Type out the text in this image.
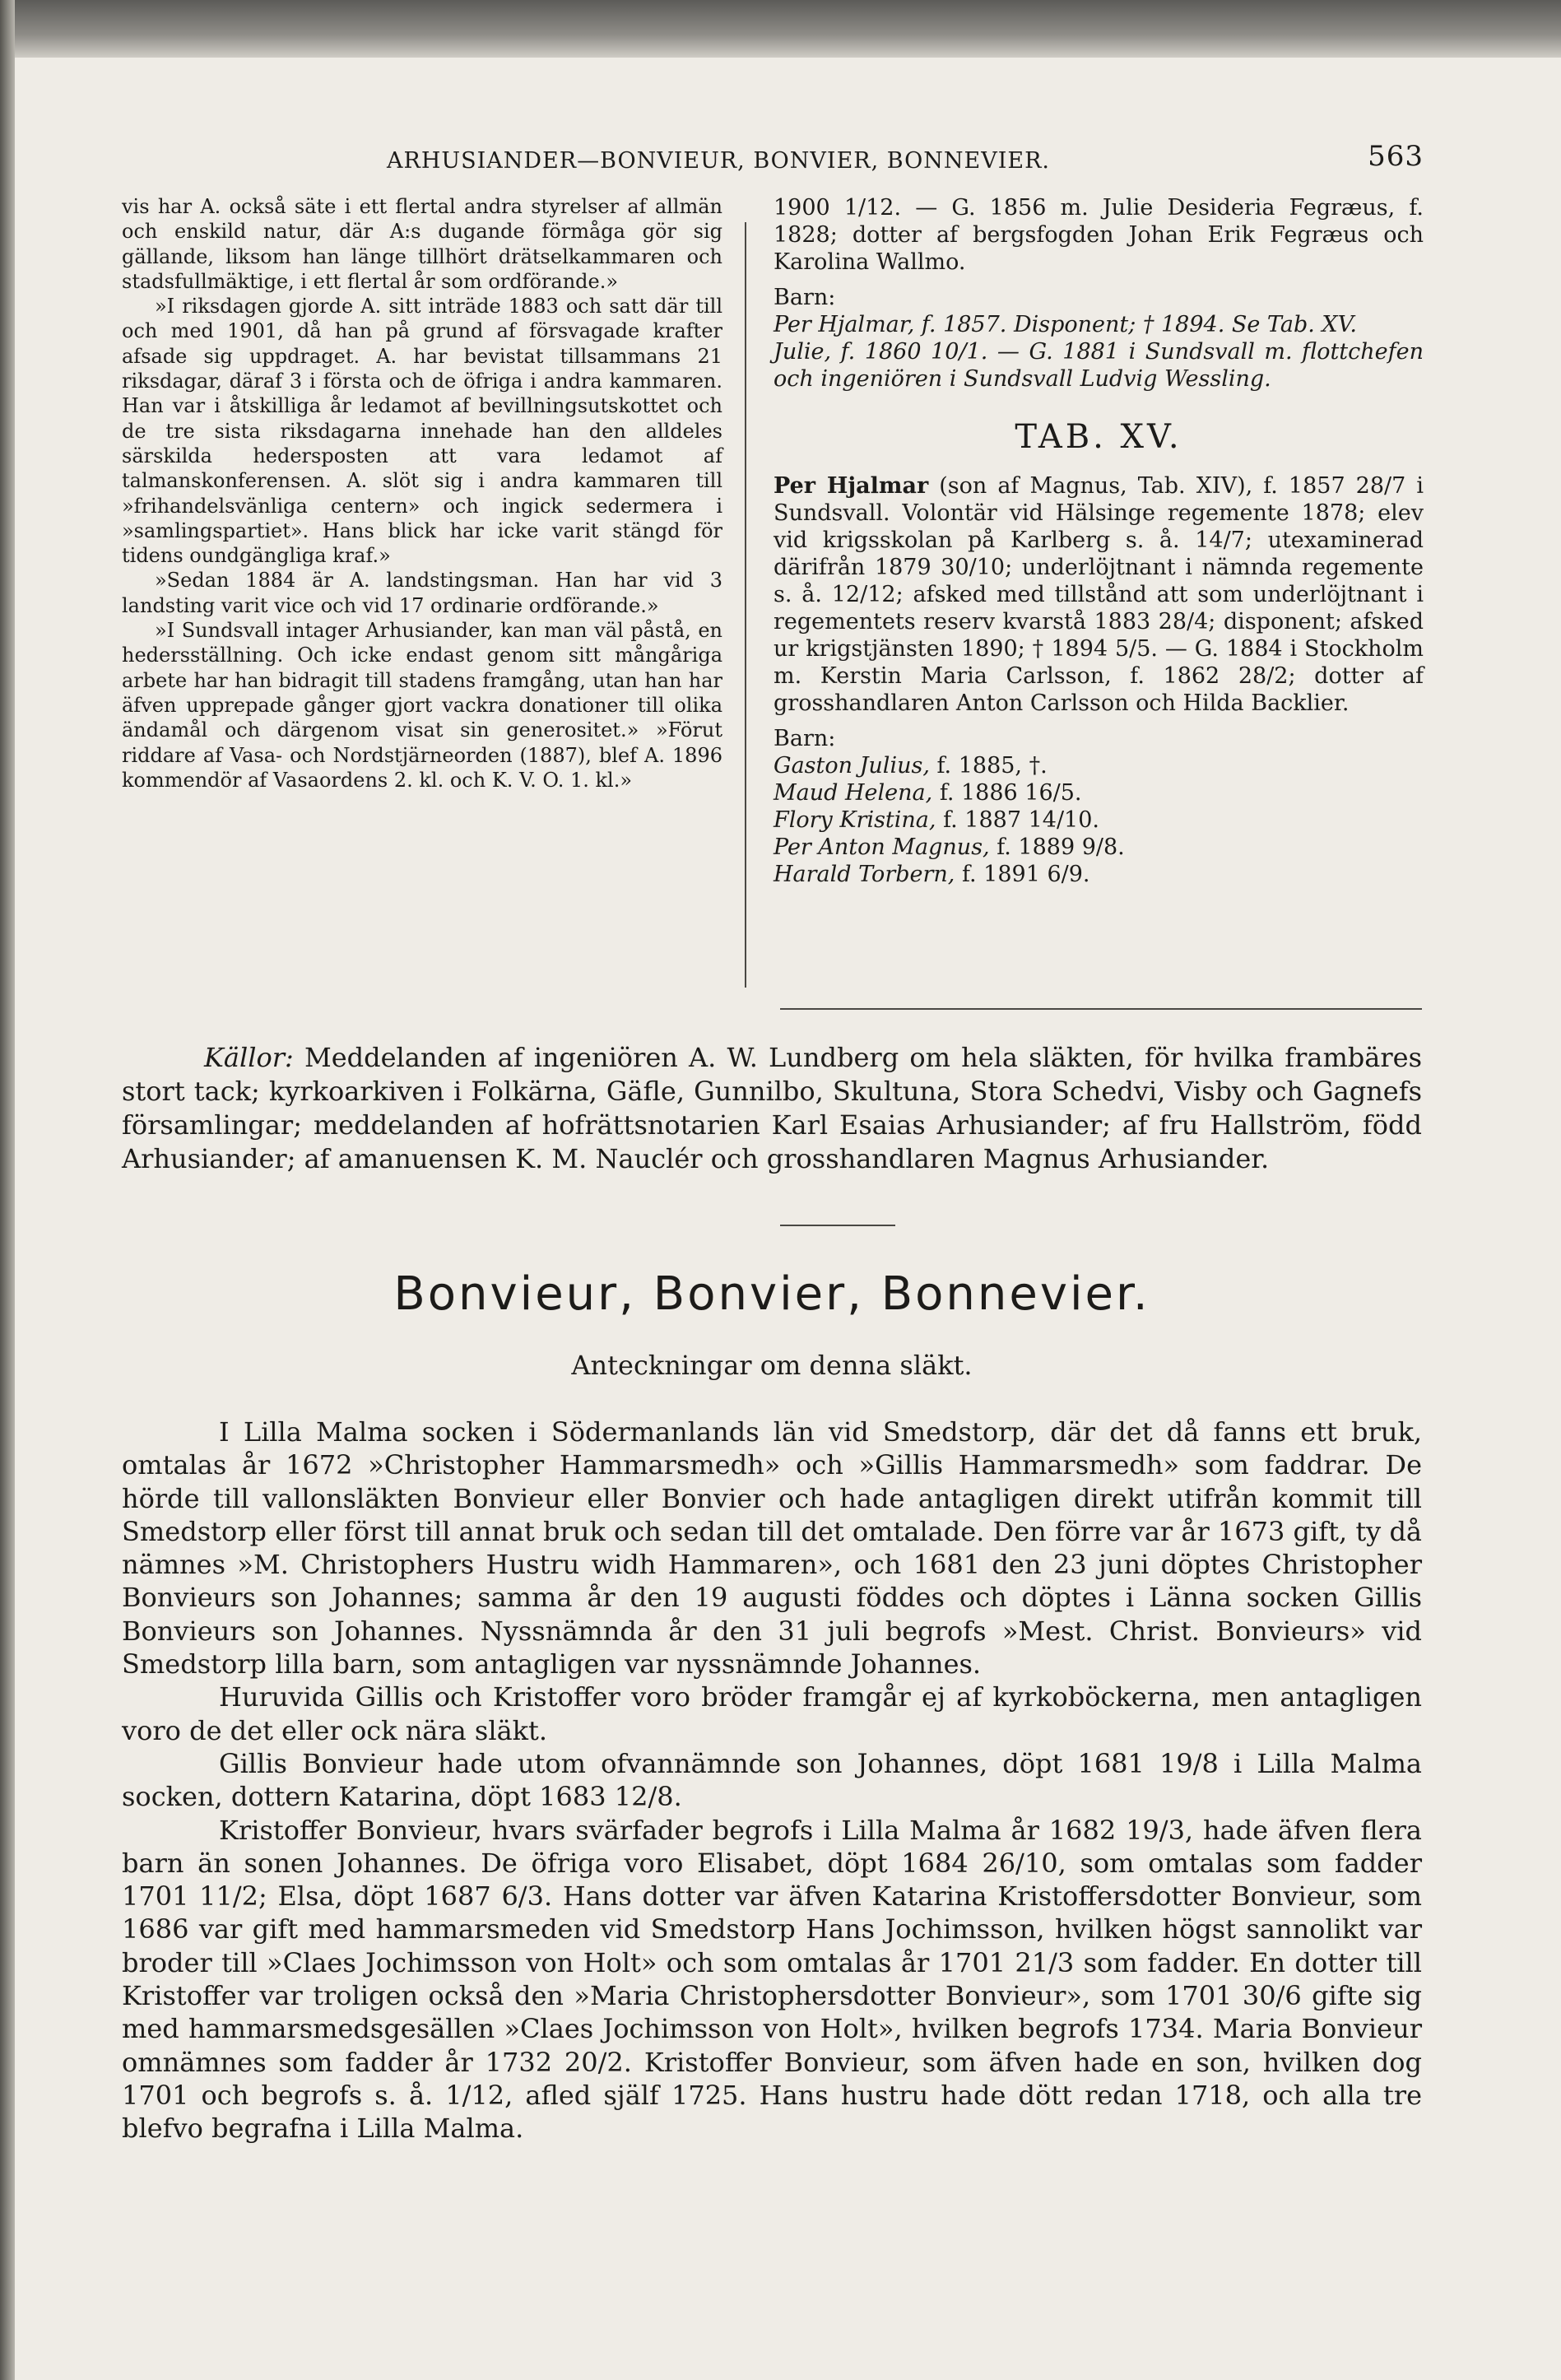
ARHUSIANDER—BONVIEUR, BONVIER, BONNEVIER.	563

vis har A. också säte i ett flertal andra styrelser af allmän och enskild natur, där A:s dugande förmåga gör sig gällande, liksom han länge tillhört drätselkammaren och stadsfullmäktige, i ett flertal år som ordförande.»

»I riksdagen gjorde A. sitt inträde 1883 och satt där till och med 1901, då han på grund af försvagade krafter afsade sig uppdraget. A. har bevistat tillsammans 21 riksdagar, däraf 3 i första och de öfriga i andra kammaren. Han var i åtskilliga år ledamot af bevillningsutskottet och de tre sista riksdagarna innehade han den alldeles särskilda hedersposten att vara ledamot af talmanskonferensen. A. slöt sig i andra kammaren till »frihandelsvänliga centern» och ingick sedermera i »samlingspartiet». Hans blick har icke varit stängd för tidens oundgängliga kraf.»

»Sedan 1884 är A. landstingsman. Han har vid 3 landsting varit vice och vid 17 ordinarie ordförande.»

»I Sundsvall intager Arhusiander, kan man väl påstå, en hedersställning. Och icke endast genom sitt mångåriga arbete har han bidragit till stadens framgång, utan han har äfven upprepade gånger gjort vackra donationer till olika ändamål och därgenom visat sin generositet.» »Förut riddare af Vasa- och Nordstjärneorden (1887), blef A. 1896 kommendör af Vasaordens 2. kl. och K. V. O. 1. kl.»

1900 1/12. — G. 1856 m. Julie Desideria Fegræus, f. 1828; dotter af bergsfogden Johan Erik Fegræus och Karolina Wallmo.

Barn:

Per Hjalmar, f. 1857. Disponent; † 1894. Se Tab. XV.

Julie, f. 1860 10/1. — G. 1881 i Sundsvall m. flottchefen och ingeniören i Sundsvall Ludvig Wessling.

TAB. XV.

Per Hjalmar (son af Magnus, Tab. XIV), f. 1857 28/7 i Sundsvall. Volontär vid Hälsinge regemente 1878; elev vid krigsskolan på Karlberg s. å. 14/7; utexaminerad därifrån 1879 30/10; underlöjtnant i nämnda regemente s. å. 12/12; afsked med tillstånd att som underlöjtnant i regementets reserv kvarstå 1883 28/4; disponent; afsked ur krigstjänsten 1890; † 1894 5/5. — G. 1884 i Stockholm m. Kerstin Maria Carlsson, f. 1862 28/2; dotter af grosshandlaren Anton Carlsson och Hilda Backlier.

Barn:

Gaston Julius, f. 1885, †.

Maud Helena, f. 1886 16/5.

Flory Kristina, f. 1887 14/10.

Per Anton Magnus, f. 1889 9/8.

Harald Torbern, f. 1891 6/9.

Källor: Meddelanden af ingeniören A. W. Lundberg om hela släkten, för hvilka frambäres stort tack; kyrkoarkiven i Folkärna, Gäfle, Gunnilbo, Skultuna, Stora Schedvi, Visby och Gagnefs församlingar; meddelanden af hofrättsnotarien Karl Esaias Arhusiander; af fru Hallström, född Arhusiander; af amanuensen K. M. Nauclér och grosshandlaren Magnus Arhusiander.

Bonvieur, Bonvier, Bonnevier.
Anteckningar om denna släkt.

I Lilla Malma socken i Södermanlands län vid Smedstorp, där det då fanns ett bruk, omtalas år 1672 »Christopher Hammarsmedh» och »Gillis Hammarsmedh» som faddrar. De hörde till vallonsläkten Bonvieur eller Bonvier och hade antagligen direkt utifrån kommit till Smedstorp eller först till annat bruk och sedan till det omtalade. Den förre var år 1673 gift, ty då nämnes »M. Christophers Hustru widh Hammaren», och 1681 den 23 juni döptes Christopher Bonvieurs son Johannes; samma år den 19 augusti föddes och döptes i Länna socken Gillis Bonvieurs son Johannes. Nyssnämnda år den 31 juli begrofs »Mest. Christ. Bonvieurs» vid Smedstorp lilla barn, som antagligen var nyssnämnde Johannes.

Huruvida Gillis och Kristoffer voro bröder framgår ej af kyrkoböckerna, men antagligen voro de det eller ock nära släkt.

Gillis Bonvieur hade utom ofvannämnde son Johannes, döpt 1681 19/8 i Lilla Malma socken, dottern Katarina, döpt 1683 12/8.

Kristoffer Bonvieur, hvars svärfader begrofs i Lilla Malma år 1682 19/3, hade äfven flera barn än sonen Johannes. De öfriga voro Elisabet, döpt 1684 26/10, som omtalas som fadder 1701 11/2; Elsa, döpt 1687 6/3. Hans dotter var äfven Katarina Kristoffersdotter Bonvieur, som 1686 var gift med hammarsmeden vid Smedstorp Hans Jochimsson, hvilken högst sannolikt var broder till »Claes Jochimsson von Holt» och som omtalas år 1701 21/3 som fadder. En dotter till Kristoffer var troligen också den »Maria Christophersdotter Bonvieur», som 1701 30/6 gifte sig med hammarsmedsgesällen »Claes Jochimsson von Holt», hvilken begrofs 1734. Maria Bonvieur omnämnes som fadder år 1732 20/2. Kristoffer Bonvieur, som äfven hade en son, hvilken dog 1701 och begrofs s. å. 1/12, afled själf 1725. Hans hustru hade dött redan 1718, och alla tre blefvo begrafna i Lilla Malma.
